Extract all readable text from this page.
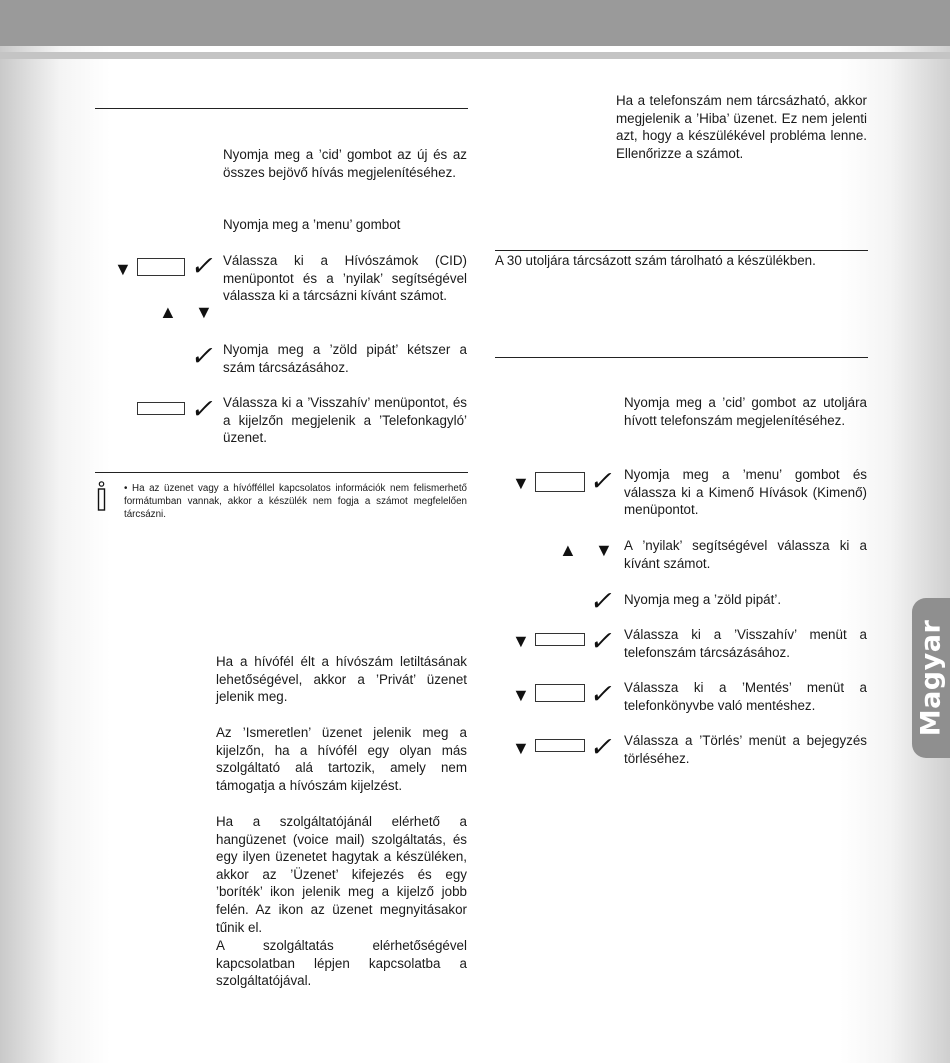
Nyomja meg a ’cid’ gombot az új és az összes bejövő hívás megjelenítéséhez.
Nyomja meg a ’menu’ gombot
▼ ✓ Válassza ki a Hívószámok (CID) menüpontot és a ’nyilak’ segítségével válassza ki a tárcsázni kívánt számot.
▲ ▼
✓ Nyomja meg a ’zöld pipát’ kétszer a szám tárcsázásához.
✓ Válassza ki a ’Visszahív’ menüpontot, és a kijelzőn megjelenik a ’Telefonkagyló’ üzenet.
• Ha az üzenet vagy a hívófféllel kapcsolatos információk nem felismerhető formátumban vannak, akkor a készülék nem fogja a számot megfelelően tárcsázni.
Ha a hívófél élt a hívószám letiltásának lehetőségével, akkor a ’Privát’ üzenet jelenik meg.
Az ’Ismeretlen’ üzenet jelenik meg a kijelzőn, ha a hívófél egy olyan más szolgáltató alá tartozik, amely nem támogatja a hívószám kijelzést.
Ha a szolgáltatójánál elérhető a hangüzenet (voice mail) szolgáltatás, és egy ilyen üzenetet hagytak a készüléken, akkor az ’Üzenet’ kifejezés és egy ’boríték’ ikon jelenik meg a kijelző jobb felén. Az ikon az üzenet megnyitásakor tűnik el.
A szolgáltatás elérhetőségével kapcsolatban lépjen kapcsolatba a szolgáltatójával.
Ha a telefonszám nem tárcsázható, akkor megjelenik a ’Hiba’ üzenet. Ez nem jelenti azt, hogy a készülékével probléma lenne. Ellenőrizze a számot.
A 30 utoljára tárcsázott szám tárolható a készülékben.
Nyomja meg a ’cid’ gombot az utoljára hívott telefonszám megjelenítéséhez.
▼ ✓ Nyomja meg a ’menu’ gombot és válassza ki a Kimenő Hívások (Kimenő) menüpontot.
▲ ▼ A ’nyilak’ segítségével válassza ki a kívánt számot.
✓ Nyomja meg a ’zöld pipát’.
▼ ✓ Válassza ki a ’Visszahív’ menüt a telefonszám tárcsázásához.
▼ ✓ Válassza ki a ’Mentés’ menüt a telefonkönyvbe való mentéshez.
▼ ✓ Válassza a ’Törlés’ menüt a bejegyzés törléséhez.
Magyar
